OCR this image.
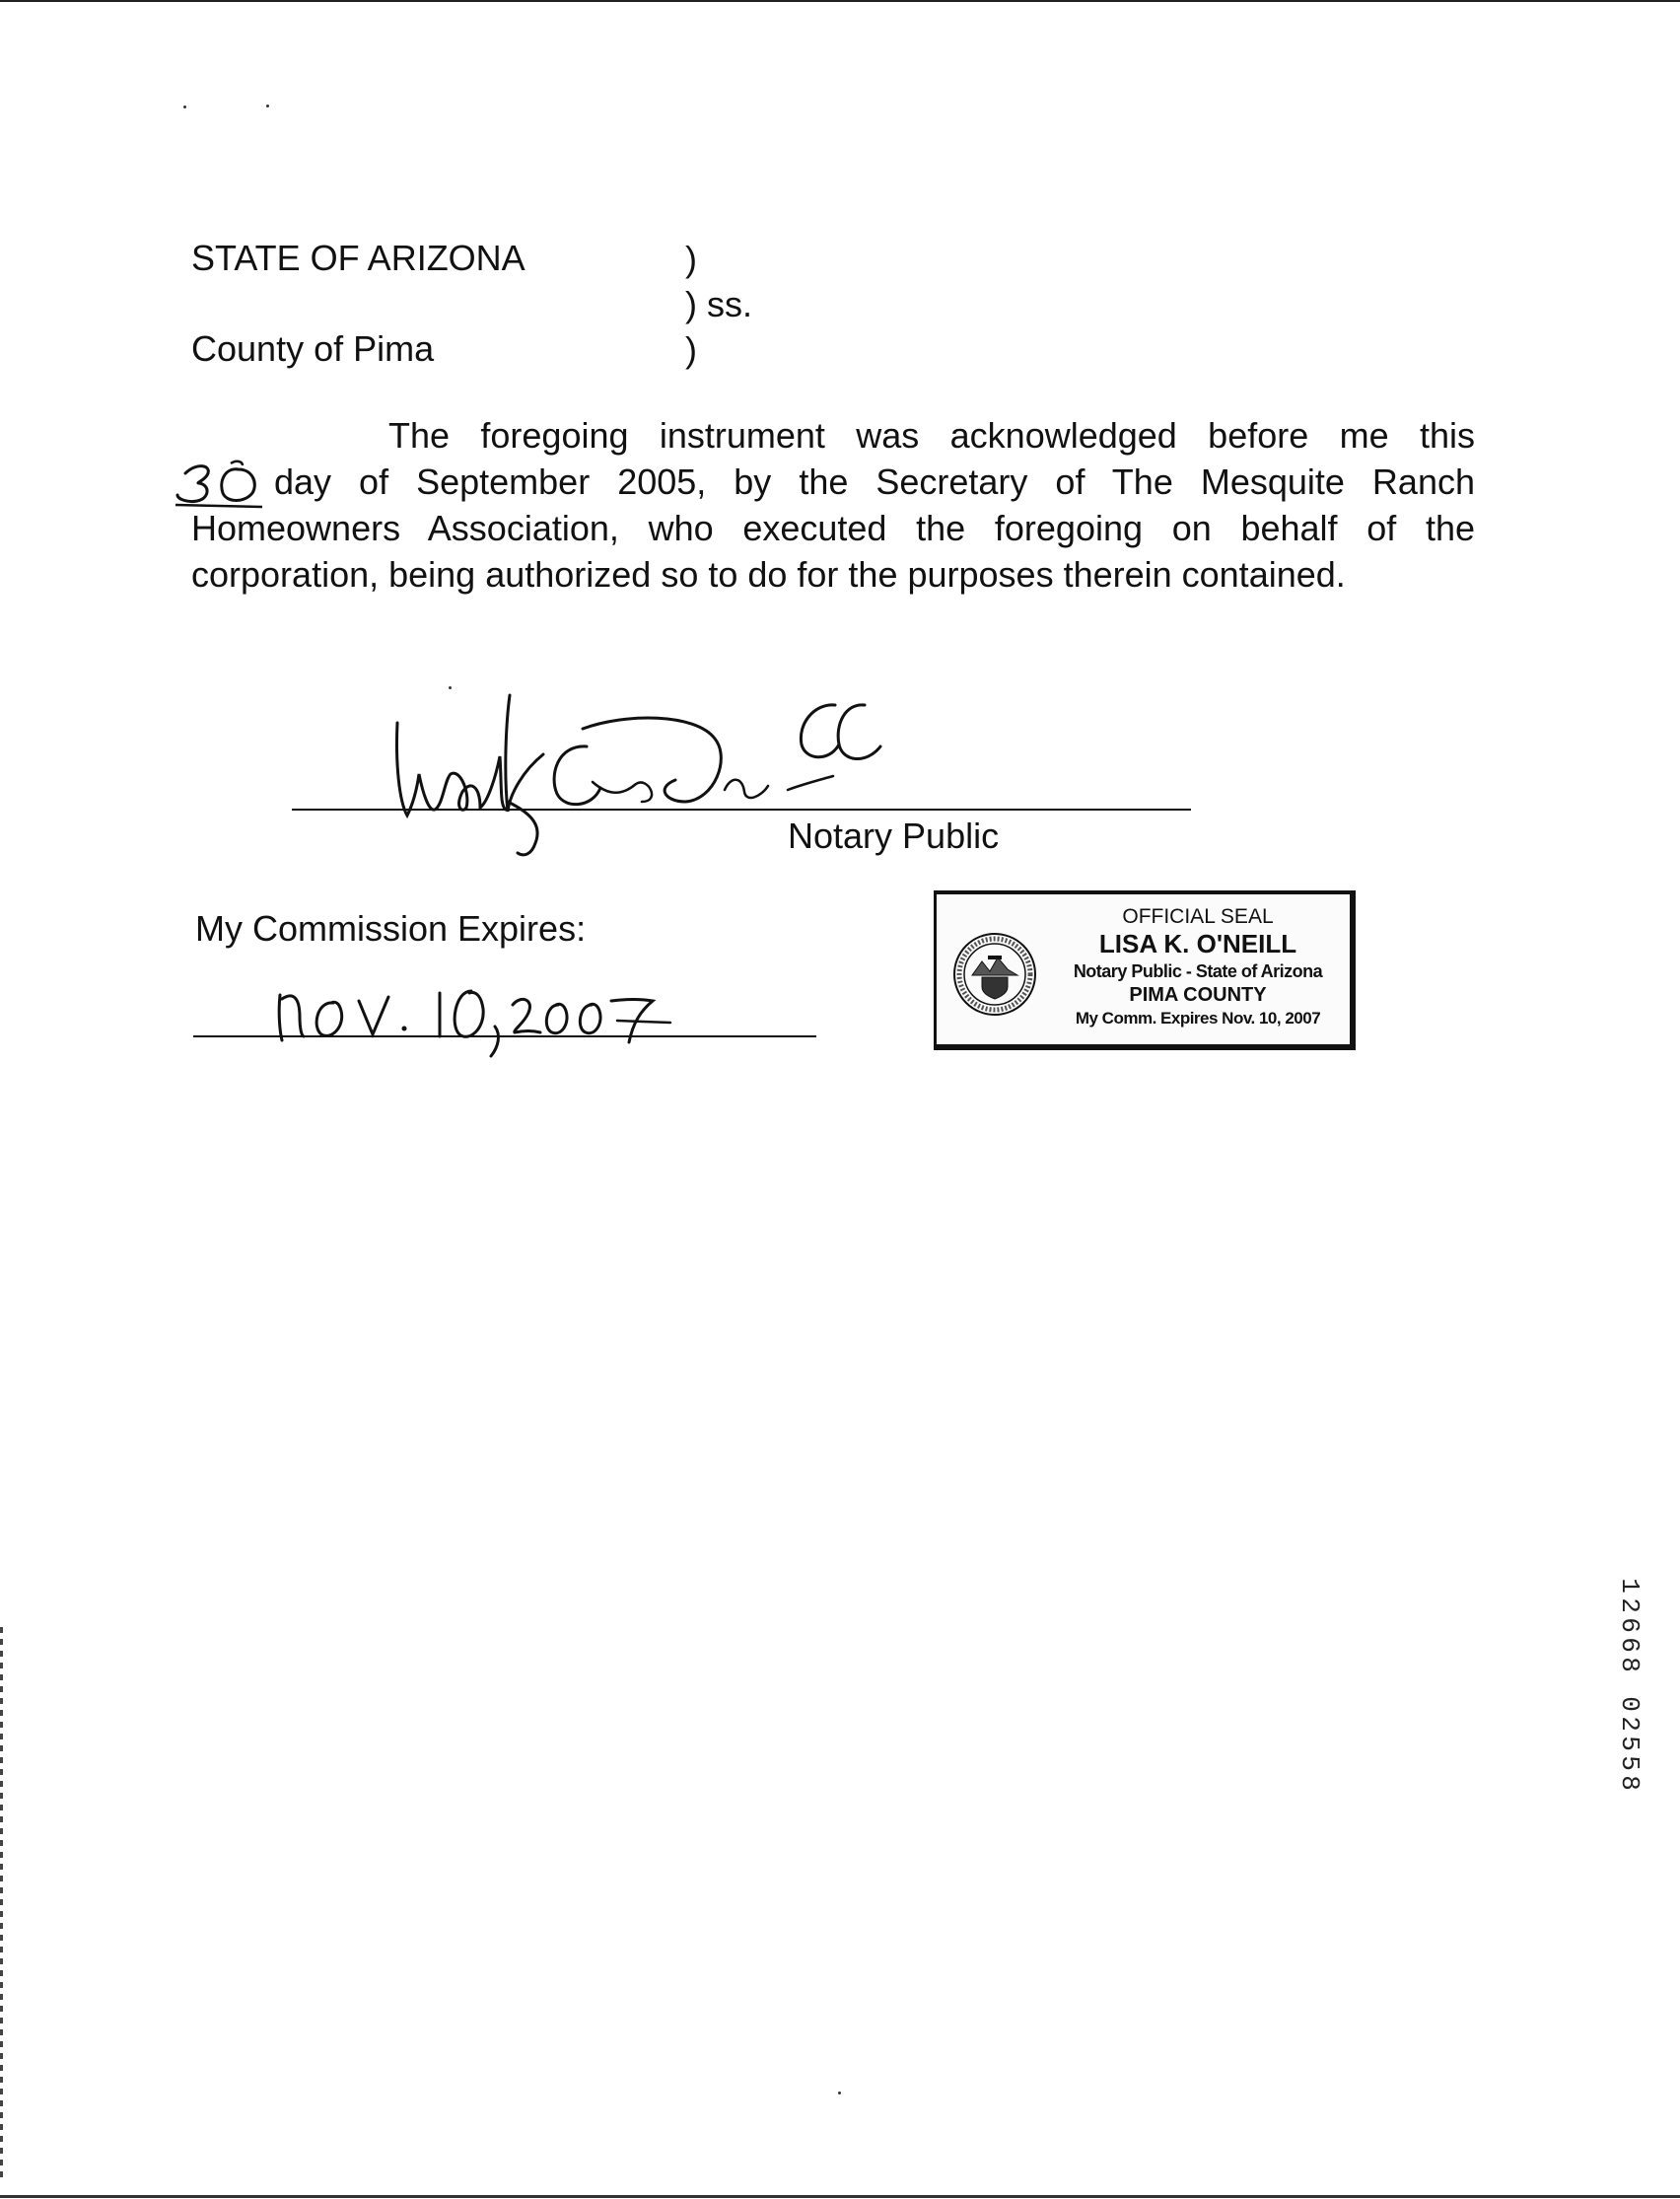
STATE OF ARIZONA
County of Pima
)
) ss.
)
The foregoing instrument was acknowledged before me this
day of September 2005, by the Secretary of The Mesquite Ranch
Homeowners Association, who executed the foregoing on behalf of the
corporation, being authorized so to do for the purposes therein contained.
Notary Public
My Commission Expires:	OFFICIAL SEAL
LISA K. O'NEILL
Notary Public - State of Arizona
PIMA COUNTY
My Comm. Expires Nov. 10, 2007
1
2
6
6
8
0
2
5
5
8
